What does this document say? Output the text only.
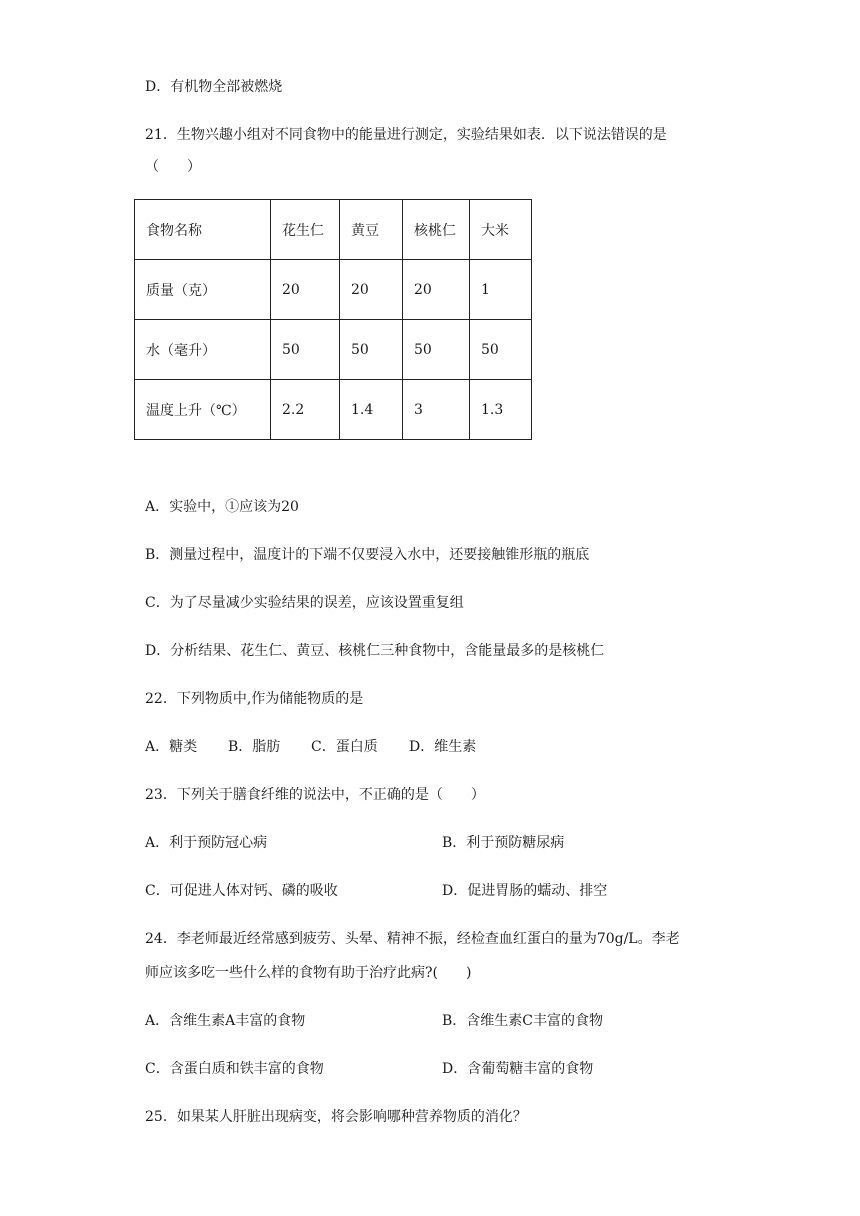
D．有机物全部被燃烧
21．生物兴趣小组对不同食物中的能量进行测定，实验结果如表．以下说法错误的是
（　　）
食物名称	花生仁	黄豆	核桃仁	大米
质量（克）	20	20	20	1
水（毫升）	50	50	50	50
温度上升（℃）	2.2	1.4	3	1.3
A．实验中，①应该为20
B．测量过程中，温度计的下端不仅要浸入水中，还要接触锥形瓶的瓶底
C．为了尽量减少实验结果的误差，应该设置重复组
D．分析结果、花生仁、黄豆、核桃仁三种食物中，含能量最多的是核桃仁
22．下列物质中,作为储能物质的是
A．糖类 B．脂肪 C．蛋白质 D．维生素
23．下列关于膳食纤维的说法中，不正确的是（　　）
A．利于预防冠心病	B．利于预防糖尿病
C．可促进人体对钙、磷的吸收	D．促进胃肠的蠕动、排空
24．李老师最近经常感到疲劳、头晕、精神不振，经检查血红蛋白的量为70g/L。李老
师应该多吃一些什么样的食物有助于治疗此病?(　　)
A．含维生素A丰富的食物	B．含维生素C丰富的食物
C．含蛋白质和铁丰富的食物	D．含葡萄糖丰富的食物
25．如果某人肝脏出现病变，将会影响哪种营养物质的消化？
